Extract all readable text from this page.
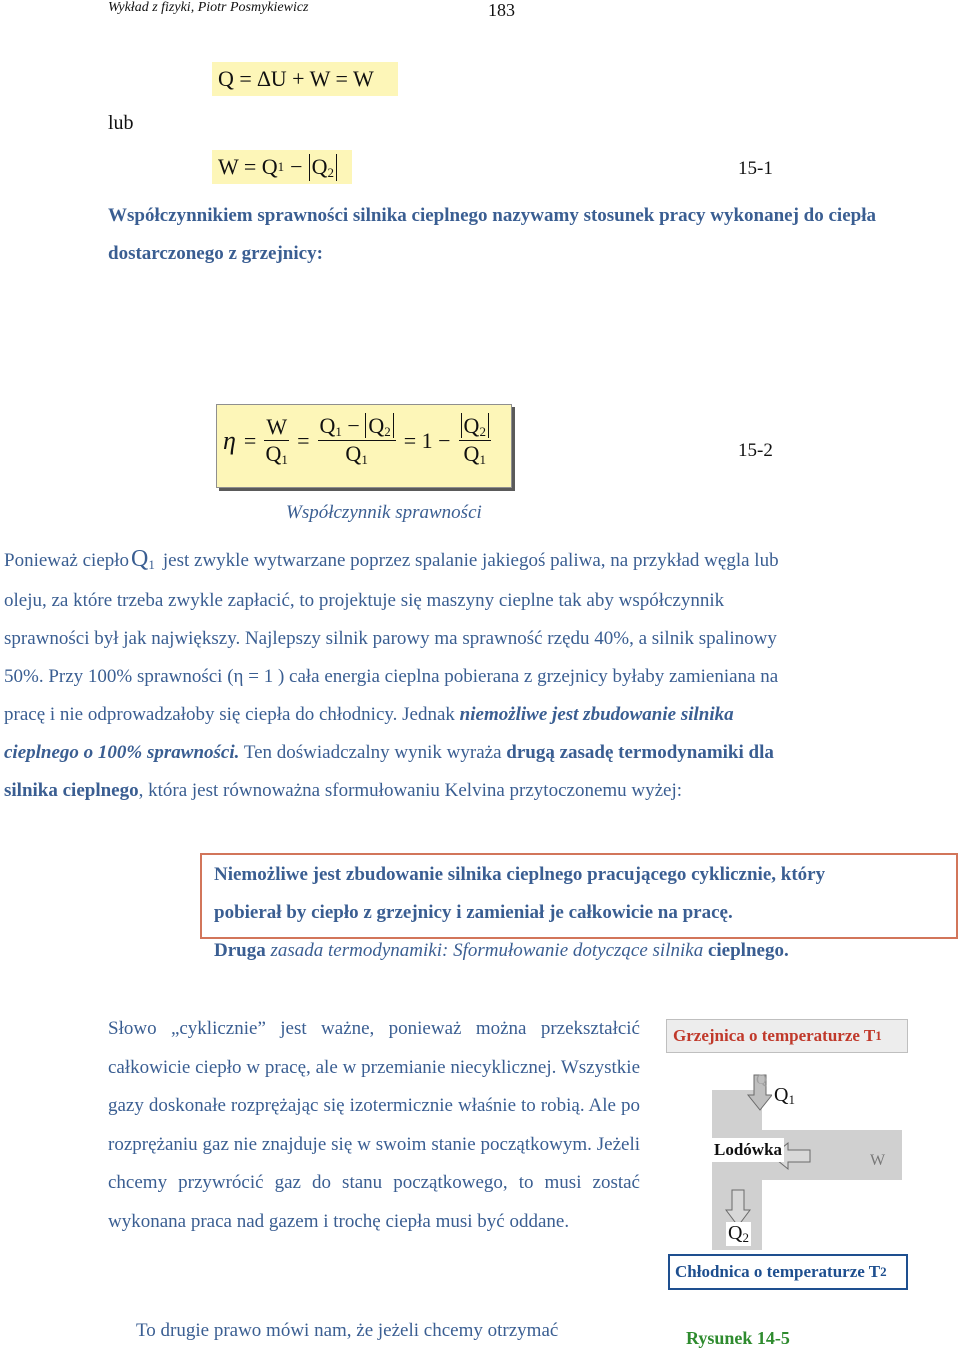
Wykład z fizyki, Piotr Posmykiewicz	183
Q = ∆U + W = W
lub
W = Q $1 - Q_2$	15-1
Współczynnikiem sprawności silnika cieplnego nazywamy stosunek pracy wykonanej do ciepła dostarczonego z grzejnicy:
$\eta = \frac{W}{Q_1} = \frac{Q_1 - Q_2}{Q_1} = 1 - \frac{Q_2}{Q_1}$	15-2
Współczynnik sprawności
Ponieważ ciepłoQ$_1$ jest zwykle wytwarzane poprzez spalanie jakiegoś paliwa, na przykład węgla lub
oleju, za które trzeba zwykle zapłacić, to projektuje się maszyny cieplne tak aby współczynnik
sprawności był jak największy. Najlepszy silnik parowy ma sprawność rzędu 40%, a silnik spalinowy
50%. Przy 100% sprawności (η = 1 ) cała energia cieplna pobierana z grzejnicy byłaby zamieniana na
pracę i nie odprowadzałoby się ciepła do chłodnicy. Jednak niemożliwe jest zbudowanie silnika
cieplnego o 100% sprawności. Ten doświadczalny wynik wyraża drugą zasadę termodynamiki dla
silnika cieplnego, która jest równoważna sformułowaniu Kelvina przytoczonemu wyżej:
Niemożliwe jest zbudowanie silnika cieplnego pracującego cyklicznie, który
pobierał by ciepło z grzejnicy i zamieniał je całkowicie na pracę.
Druga zasada termodynamiki: Sformułowanie dotyczące silnika cieplnego.
Słowo „cyklicznie” jest ważne, ponieważ można przekształcić całkowicie ciepło w pracę, ale w przemianie niecyklicznej. Wszystkie gazy doskonałe rozprężając się izotermicznie właśnie to robią. Ale po rozprężaniu gaz nie znajduje się w swoim stanie początkowym. Jeżeli chcemy przywrócić gaz do stanu początkowego, to musi zostać wykonana praca nad gazem i trochę ciepła musi być oddane.
To drugie prawo mówi nam, że jeżeli chcemy otrzymać
Grzejnica o temperaturze T 1
Q
$Q_1$
Lodówka
W
$Q_2$
Chłodnica o temperaturze T 2
Rysunek 14-5
